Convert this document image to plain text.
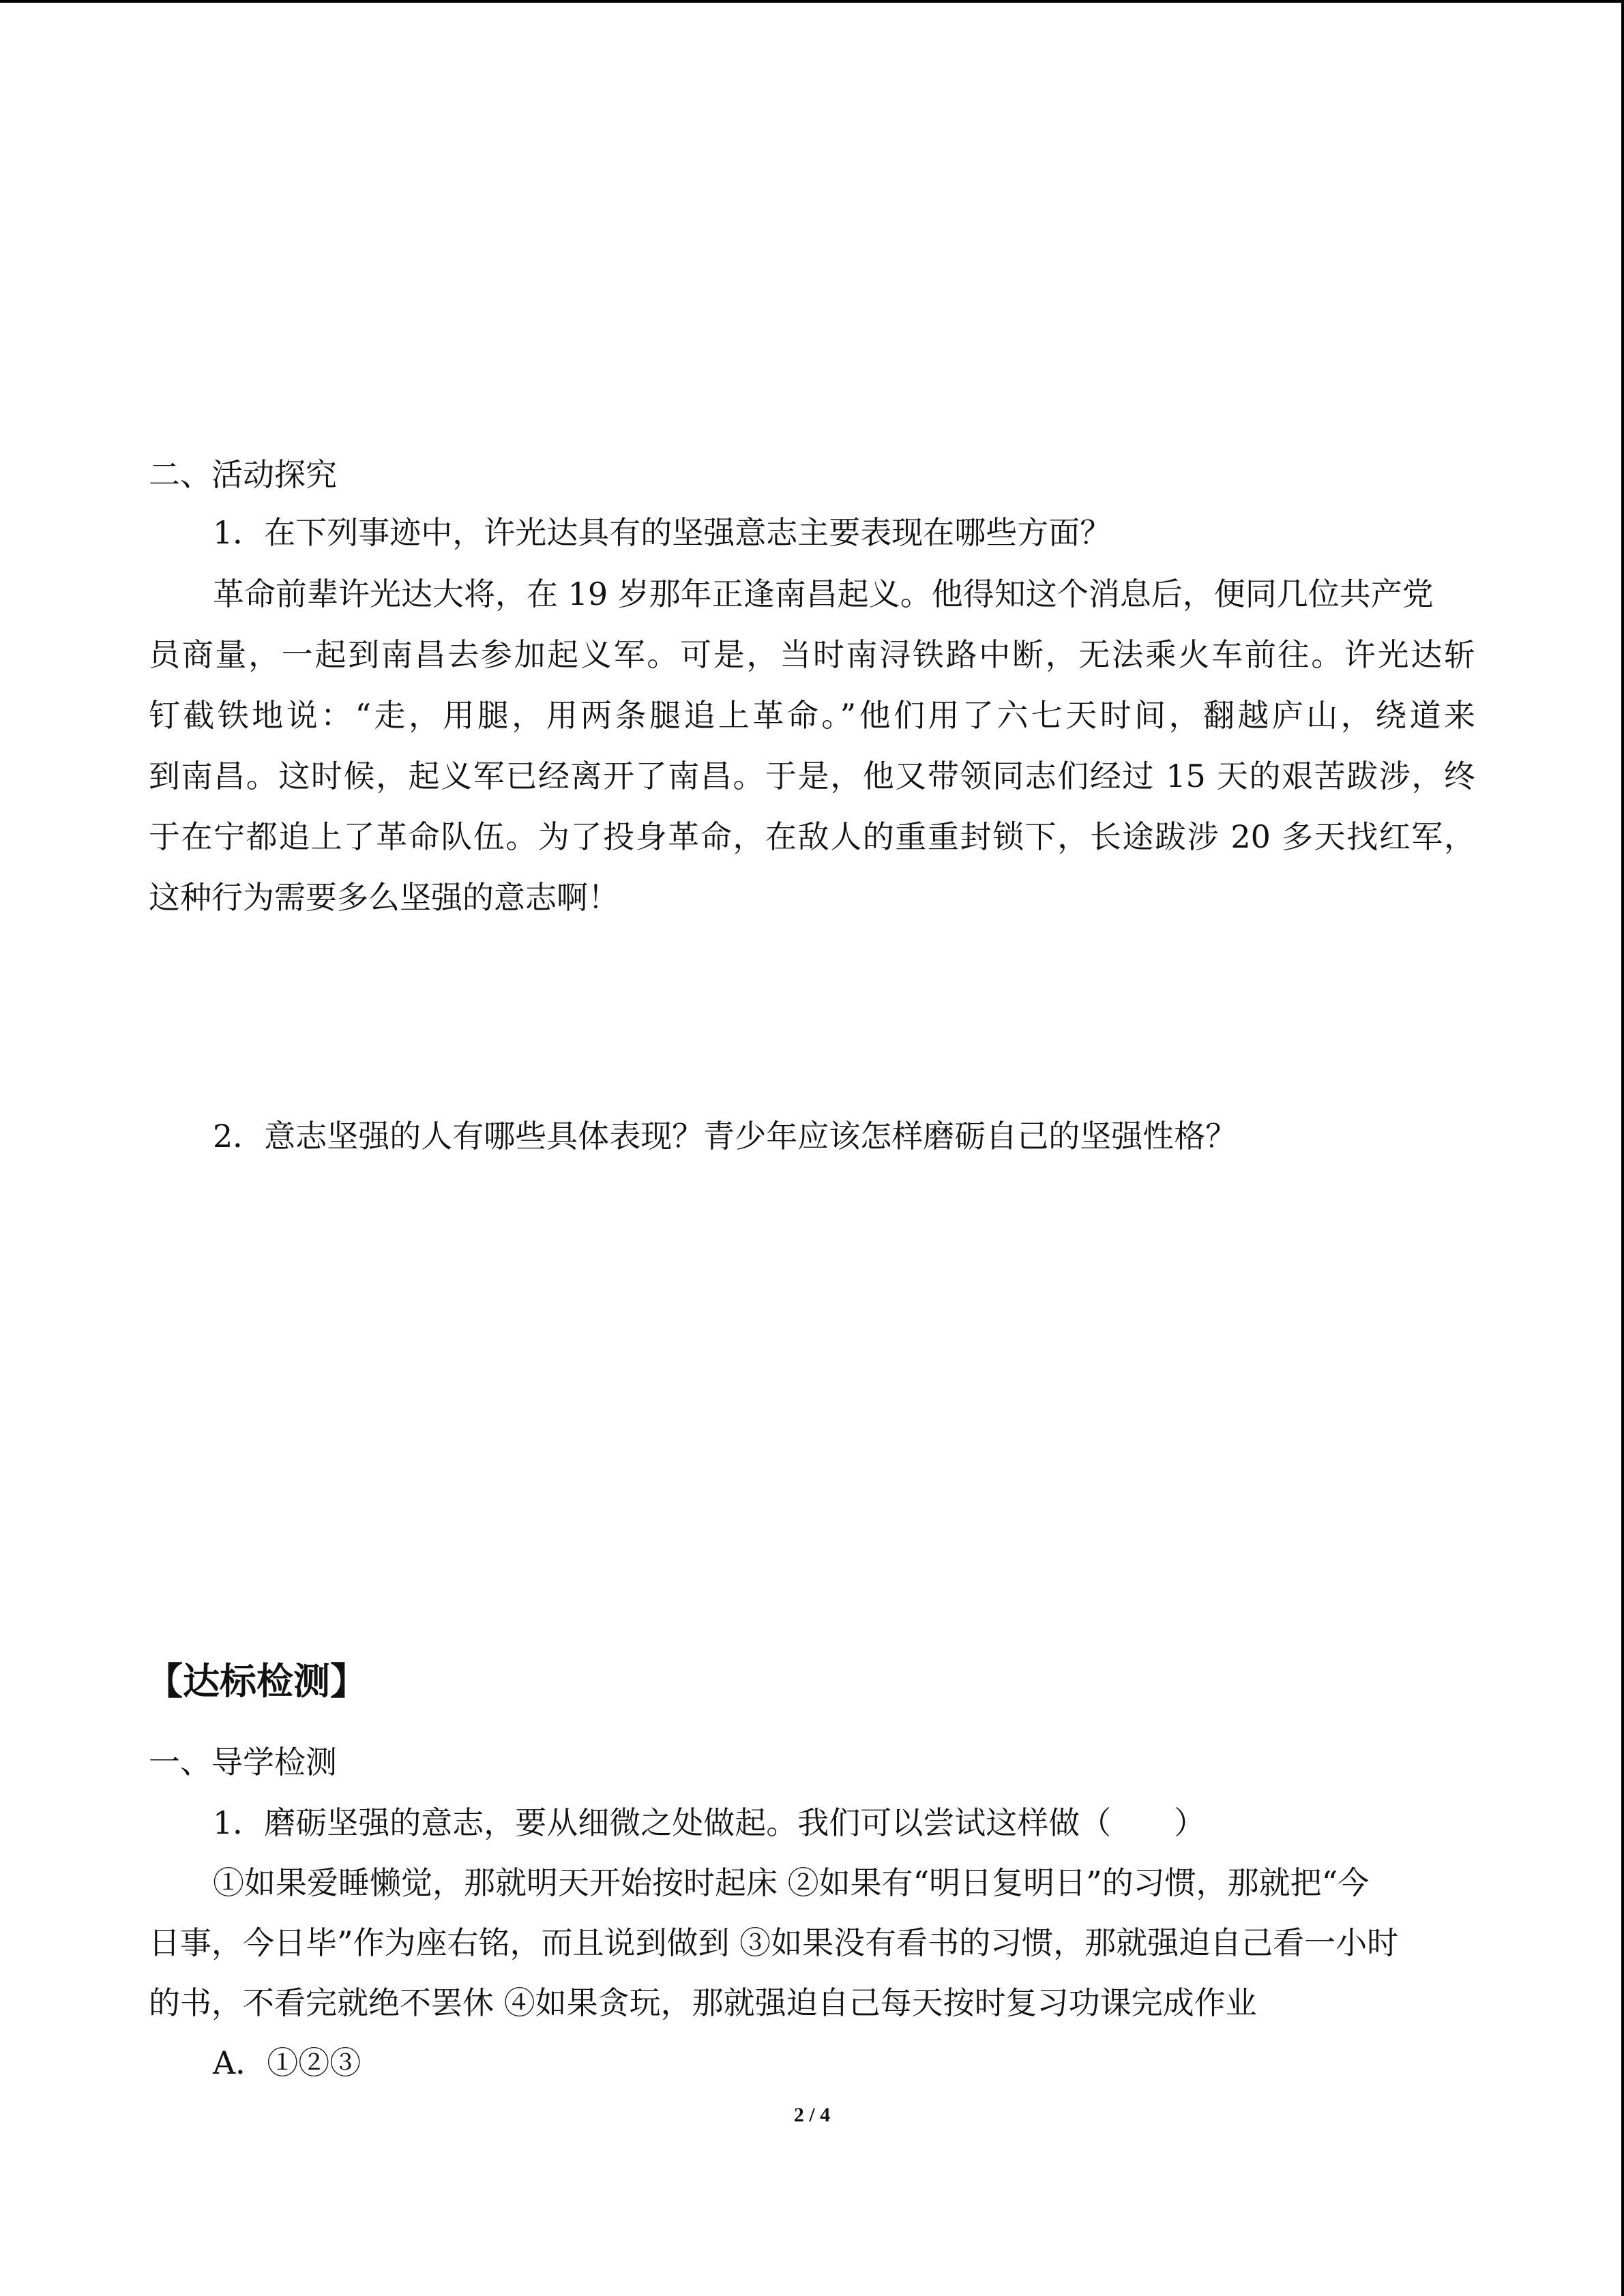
二、活动探究
1．在下列事迹中，许光达具有的坚强意志主要表现在哪些方面？
革命前辈许光达大将，在 19 岁那年正逢南昌起义。他得知这个消息后，便同几位共产党
员商量，一起到南昌去参加起义军。可是，当时南浔铁路中断，无法乘火车前往。许光达斩
钉截铁地说：“走，用腿，用两条腿追上革命。”他们用了六七天时间，翻越庐山，绕道来
到南昌。这时候，起义军已经离开了南昌。于是，他又带领同志们经过 15 天的艰苦跋涉，终
于在宁都追上了革命队伍。为了投身革命，在敌人的重重封锁下，长途跋涉 20 多天找红军，
这种行为需要多么坚强的意志啊！
2．意志坚强的人有哪些具体表现？青少年应该怎样磨砺自己的坚强性格？
【达标检测】
一、导学检测
1．磨砺坚强的意志，要从细微之处做起。我们可以尝试这样做（　　）
①如果爱睡懒觉，那就明天开始按时起床 ②如果有“明日复明日”的习惯，那就把“今
日事，今日毕”作为座右铭，而且说到做到 ③如果没有看书的习惯，那就强迫自己看一小时
的书，不看完就绝不罢休 ④如果贪玩，那就强迫自己每天按时复习功课完成作业
A．①②③
2 / 4
